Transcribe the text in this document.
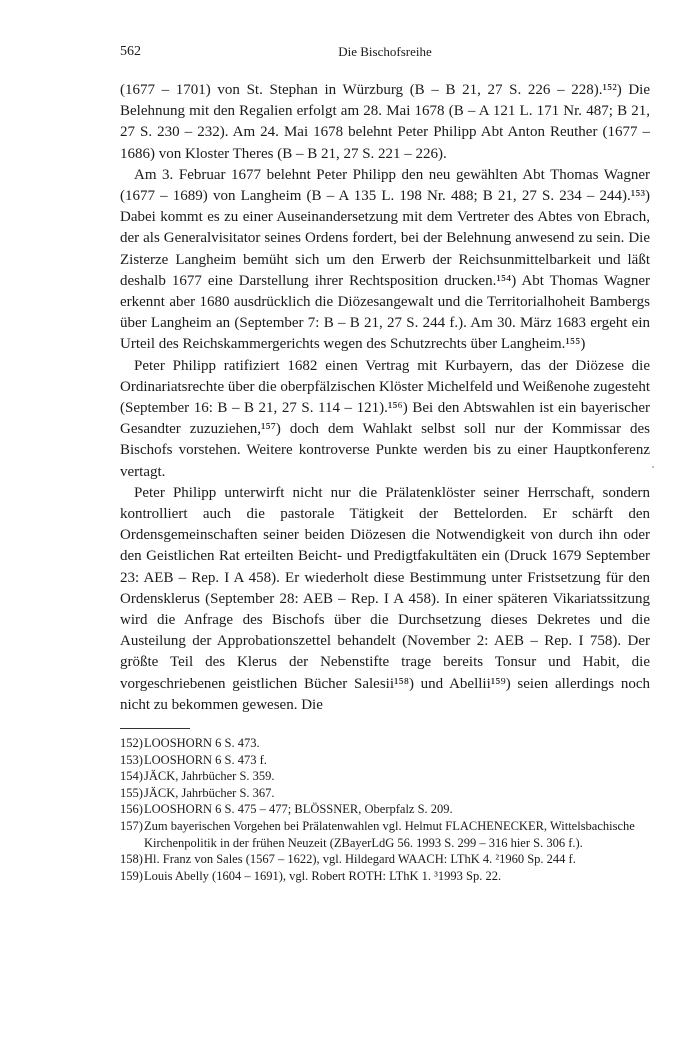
562	Die Bischofsreihe

(1677 – 1701) von St. Stephan in Würzburg (B – B 21, 27 S. 226 – 228).¹⁵²) Die Belehnung mit den Regalien erfolgt am 28. Mai 1678 (B – A 121 L. 171 Nr. 487; B 21, 27 S. 230 – 232). Am 24. Mai 1678 belehnt Peter Philipp Abt Anton Reuther (1677 – 1686) von Kloster Theres (B – B 21, 27 S. 221 – 226).

Am 3. Februar 1677 belehnt Peter Philipp den neu gewählten Abt Thomas Wagner (1677 – 1689) von Langheim (B – A 135 L. 198 Nr. 488; B 21, 27 S. 234 – 244).¹⁵³) Dabei kommt es zu einer Auseinandersetzung mit dem Vertreter des Abtes von Ebrach, der als Generalvisitator seines Ordens fordert, bei der Belehnung anwesend zu sein. Die Zisterze Langheim bemüht sich um den Erwerb der Reichsunmittelbarkeit und läßt deshalb 1677 eine Darstellung ihrer Rechtsposition drucken.¹⁵⁴) Abt Thomas Wagner erkennt aber 1680 ausdrücklich die Diözesangewalt und die Territorialhoheit Bambergs über Langheim an (September 7: B – B 21, 27 S. 244 f.). Am 30. März 1683 ergeht ein Urteil des Reichskammergerichts wegen des Schutzrechts über Langheim.¹⁵⁵)

Peter Philipp ratifiziert 1682 einen Vertrag mit Kurbayern, das der Diözese die Ordinariatsrechte über die oberpfälzischen Klöster Michelfeld und Weißenohe zugesteht (September 16: B – B 21, 27 S. 114 – 121).¹⁵⁶) Bei den Abtswahlen ist ein bayerischer Gesandter zuzuziehen,¹⁵⁷) doch dem Wahlakt selbst soll nur der Kommissar des Bischofs vorstehen. Weitere kontroverse Punkte werden bis zu einer Hauptkonferenz vertagt.

Peter Philipp unterwirft nicht nur die Prälatenklöster seiner Herrschaft, sondern kontrolliert auch die pastorale Tätigkeit der Bettelorden. Er schärft den Ordensgemeinschaften seiner beiden Diözesen die Notwendigkeit von durch ihn oder den Geistlichen Rat erteilten Beicht- und Predigtfakultäten ein (Druck 1679 September 23: AEB – Rep. I A 458). Er wiederholt diese Bestimmung unter Fristsetzung für den Ordensklerus (September 28: AEB – Rep. I A 458). In einer späteren Vikariatssitzung wird die Anfrage des Bischofs über die Durchsetzung dieses Dekretes und die Austeilung der Approbationszettel behandelt (November 2: AEB – Rep. I 758). Der größte Teil des Klerus der Nebenstifte trage bereits Tonsur und Habit, die vorgeschriebenen geistlichen Bücher Salesii¹⁵⁸) und Abellii¹⁵⁹) seien allerdings noch nicht zu bekommen gewesen. Die

152) LOOSHORN 6 S. 473.
153) LOOSHORN 6 S. 473 f.
154) JÄCK, Jahrbücher S. 359.
155) JÄCK, Jahrbücher S. 367.
156) LOOSHORN 6 S. 475 – 477; BLÖSSNER, Oberpfalz S. 209.
157) Zum bayerischen Vorgehen bei Prälatenwahlen vgl. Helmut FLACHENECKER, Wittelsbachische Kirchenpolitik in der frühen Neuzeit (ZBayerLdG 56. 1993 S. 299 – 316 hier S. 306 f.).
158) Hl. Franz von Sales (1567 – 1622), vgl. Hildegard WAACH: LThK 4. ²1960 Sp. 244 f.
159) Louis Abelly (1604 – 1691), vgl. Robert ROTH: LThK 1. ³1993 Sp. 22.
